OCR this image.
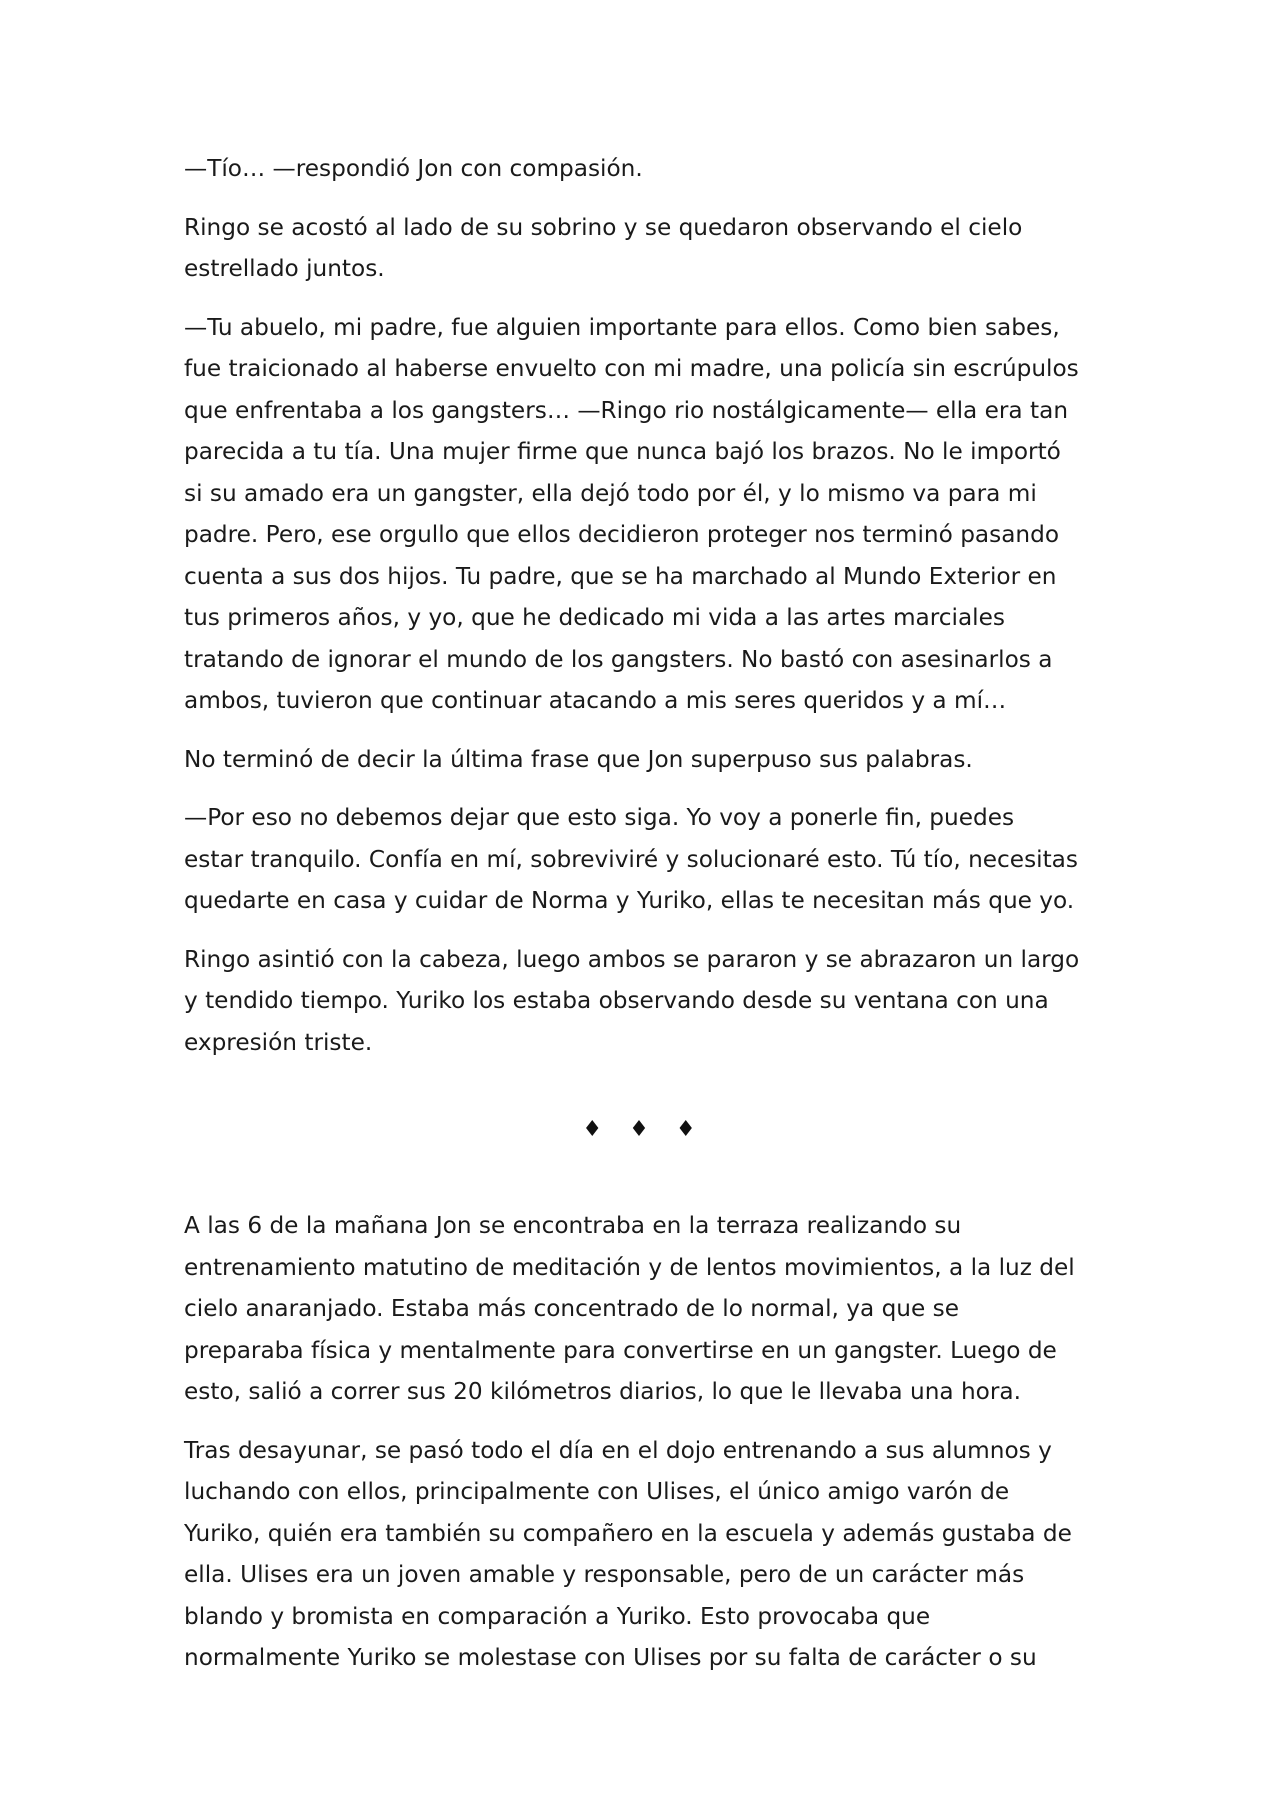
—Tío… —respondió Jon con compasión.

Ringo se acostó al lado de su sobrino y se quedaron observando el cielo
estrellado juntos.

—Tu abuelo, mi padre, fue alguien importante para ellos. Como bien sabes,
fue traicionado al haberse envuelto con mi madre, una policía sin escrúpulos
que enfrentaba a los gangsters… —Ringo rio nostálgicamente— ella era tan
parecida a tu tía. Una mujer firme que nunca bajó los brazos. No le importó
si su amado era un gangster, ella dejó todo por él, y lo mismo va para mi
padre. Pero, ese orgullo que ellos decidieron proteger nos terminó pasando
cuenta a sus dos hijos. Tu padre, que se ha marchado al Mundo Exterior en
tus primeros años, y yo, que he dedicado mi vida a las artes marciales
tratando de ignorar el mundo de los gangsters. No bastó con asesinarlos a
ambos, tuvieron que continuar atacando a mis seres queridos y a mí…

No terminó de decir la última frase que Jon superpuso sus palabras.

—Por eso no debemos dejar que esto siga. Yo voy a ponerle fin, puedes
estar tranquilo. Confía en mí, sobreviviré y solucionaré esto. Tú tío, necesitas
quedarte en casa y cuidar de Norma y Yuriko, ellas te necesitan más que yo.

Ringo asintió con la cabeza, luego ambos se pararon y se abrazaron un largo
y tendido tiempo. Yuriko los estaba observando desde su ventana con una
expresión triste.

♦ ♦ ♦

A las 6 de la mañana Jon se encontraba en la terraza realizando su
entrenamiento matutino de meditación y de lentos movimientos, a la luz del
cielo anaranjado. Estaba más concentrado de lo normal, ya que se
preparaba física y mentalmente para convertirse en un gangster. Luego de
esto, salió a correr sus 20 kilómetros diarios, lo que le llevaba una hora.

Tras desayunar, se pasó todo el día en el dojo entrenando a sus alumnos y
luchando con ellos, principalmente con Ulises, el único amigo varón de
Yuriko, quién era también su compañero en la escuela y además gustaba de
ella. Ulises era un joven amable y responsable, pero de un carácter más
blando y bromista en comparación a Yuriko. Esto provocaba que
normalmente Yuriko se molestase con Ulises por su falta de carácter o su
